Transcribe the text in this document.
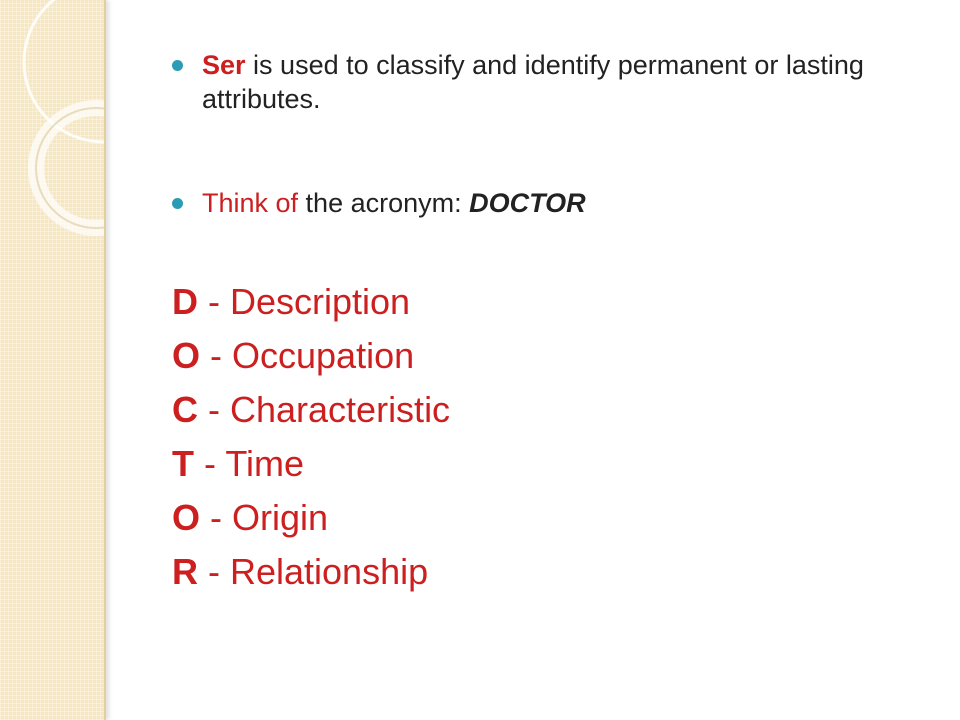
Ser is used to classify and identify permanent or lasting attributes.
Think of the acronym: DOCTOR
D - Description
O - Occupation
C - Characteristic
T - Time
O - Origin
R - Relationship
